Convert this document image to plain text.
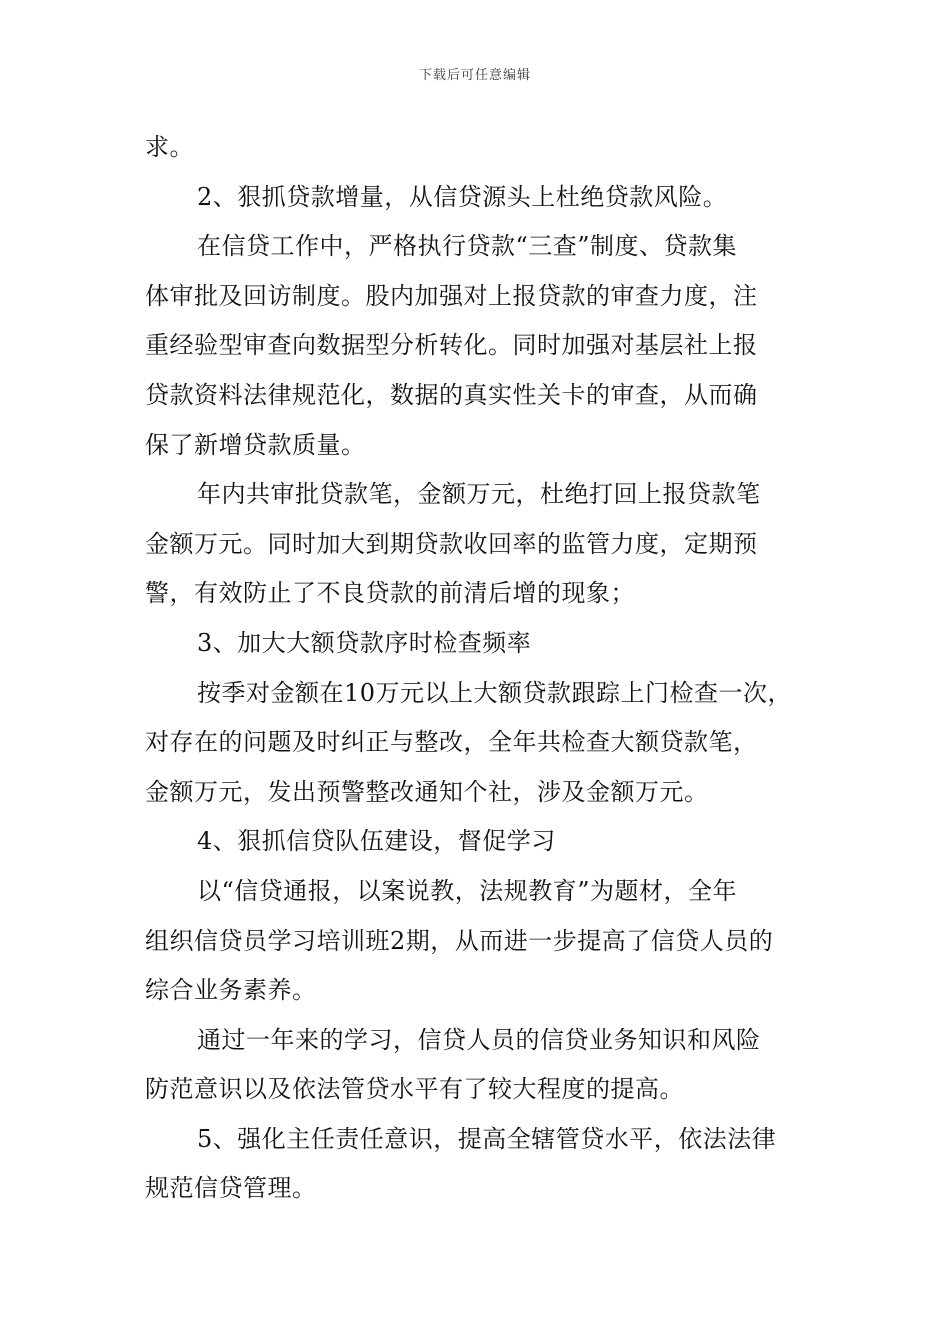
下载后可任意编辑

求。

2、狠抓贷款增量，从信贷源头上杜绝贷款风险。

在信贷工作中，严格执行贷款“三查”制度、贷款集

体审批及回访制度。股内加强对上报贷款的审查力度，注

重经验型审查向数据型分析转化。同时加强对基层社上报

贷款资料法律规范化，数据的真实性关卡的审查，从而确

保了新增贷款质量。

年内共审批贷款笔，金额万元，杜绝打回上报贷款笔

金额万元。同时加大到期贷款收回率的监管力度，定期预

警，有效防止了不良贷款的前清后增的现象；

3、加大大额贷款序时检查频率

按季对金额在10万元以上大额贷款跟踪上门检查一次，

对存在的问题及时纠正与整改，全年共检查大额贷款笔，

金额万元，发出预警整改通知个社，涉及金额万元。

4、狠抓信贷队伍建设，督促学习

以“信贷通报，以案说教，法规教育”为题材，全年

组织信贷员学习培训班2期，从而进一步提高了信贷人员的

综合业务素养。

通过一年来的学习，信贷人员的信贷业务知识和风险

防范意识以及依法管贷水平有了较大程度的提高。

5、强化主任责任意识，提高全辖管贷水平，依法法律

规范信贷管理。
